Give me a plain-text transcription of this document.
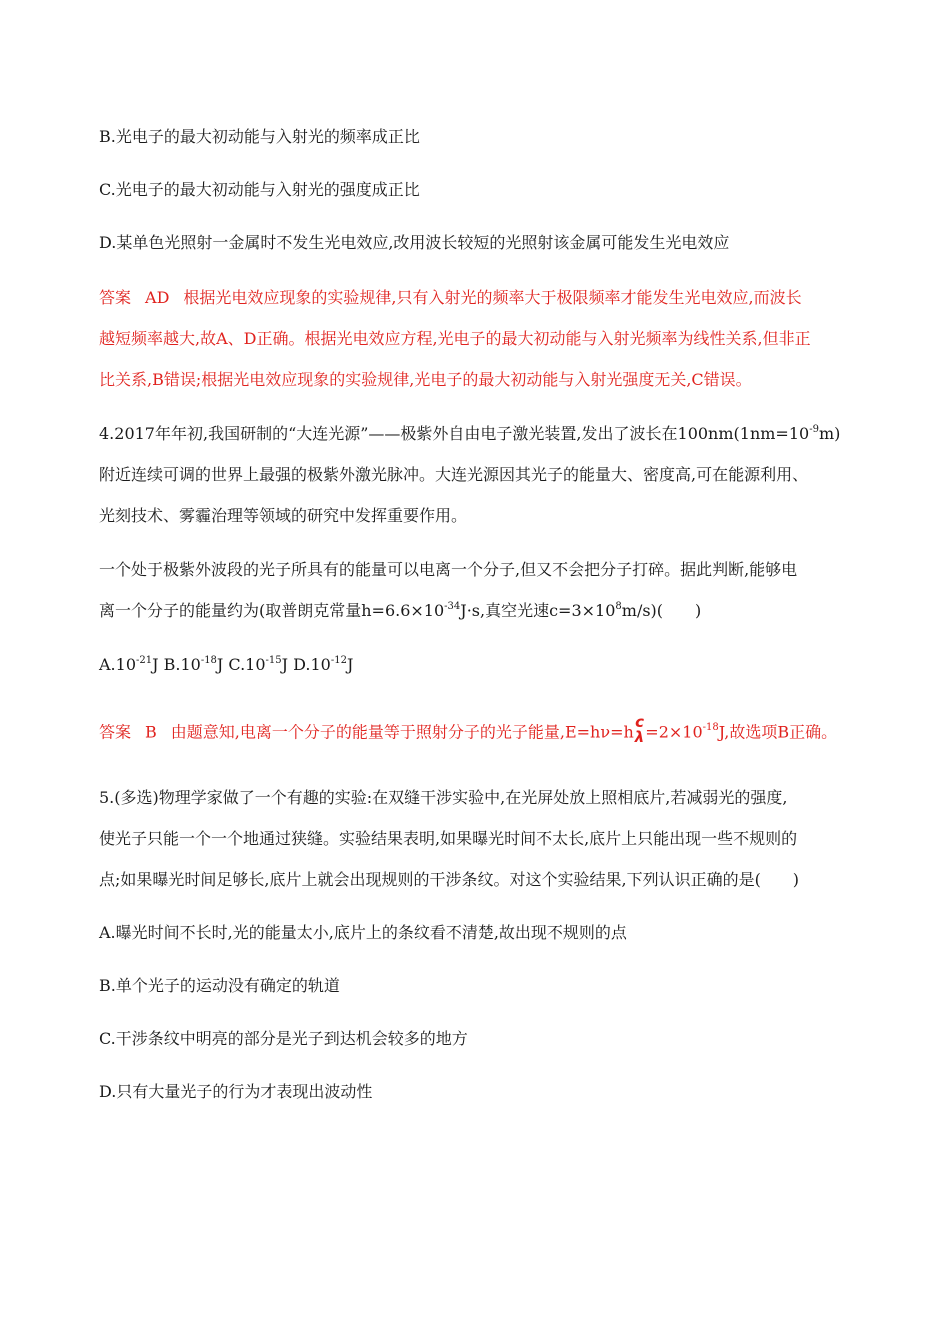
B.光电子的最大初动能与入射光的频率成正比
C.光电子的最大初动能与入射光的强度成正比
D.某单色光照射一金属时不发生光电效应,改用波长较短的光照射该金属可能发生光电效应
答案 AD 根据光电效应现象的实验规律,只有入射光的频率大于极限频率才能发生光电效应,而波长
越短频率越大,故A、D正确。根据光电效应方程,光电子的最大初动能与入射光频率为线性关系,但非正
比关系,B错误;根据光电效应现象的实验规律,光电子的最大初动能与入射光强度无关,C错误。
4.2017年年初,我国研制的“大连光源”——极紫外自由电子激光装置,发出了波长在$100nm(1nm=10^{-9}m)$
附近连续可调的世界上最强的极紫外激光脉冲。大连光源因其光子的能量大、密度高,可在能源利用、
光刻技术、雾霾治理等领域的研究中发挥重要作用。
一个处于极紫外波段的光子所具有的能量可以电离一个分子,但又不会把分子打碎。据此判断,能够电
离一个分子的能量约为(取普朗克常量$h=6.6\times 10^{-34}J\cdot s$,真空光速$c=3\times 10^8m/s$)(　　)
$A.10^{-21}J$ $B.10^{-18}J$ $C.10^{-15}J$ $D.10^{-12}J$
答案 B 由题意知,电离一个分子的能量等于照射分子的光子能量,E=hν=h
c
$\lambda =2\times 10^{-18}J$,故选项B正确。
5.(多选)物理学家做了一个有趣的实验:在双缝干涉实验中,在光屏处放上照相底片,若减弱光的强度,
使光子只能一个一个地通过狭缝。实验结果表明,如果曝光时间不太长,底片上只能出现一些不规则的
点;如果曝光时间足够长,底片上就会出现规则的干涉条纹。对这个实验结果,下列认识正确的是(　　)
A.曝光时间不长时,光的能量太小,底片上的条纹看不清楚,故出现不规则的点
B.单个光子的运动没有确定的轨道
C.干涉条纹中明亮的部分是光子到达机会较多的地方
D.只有大量光子的行为才表现出波动性
